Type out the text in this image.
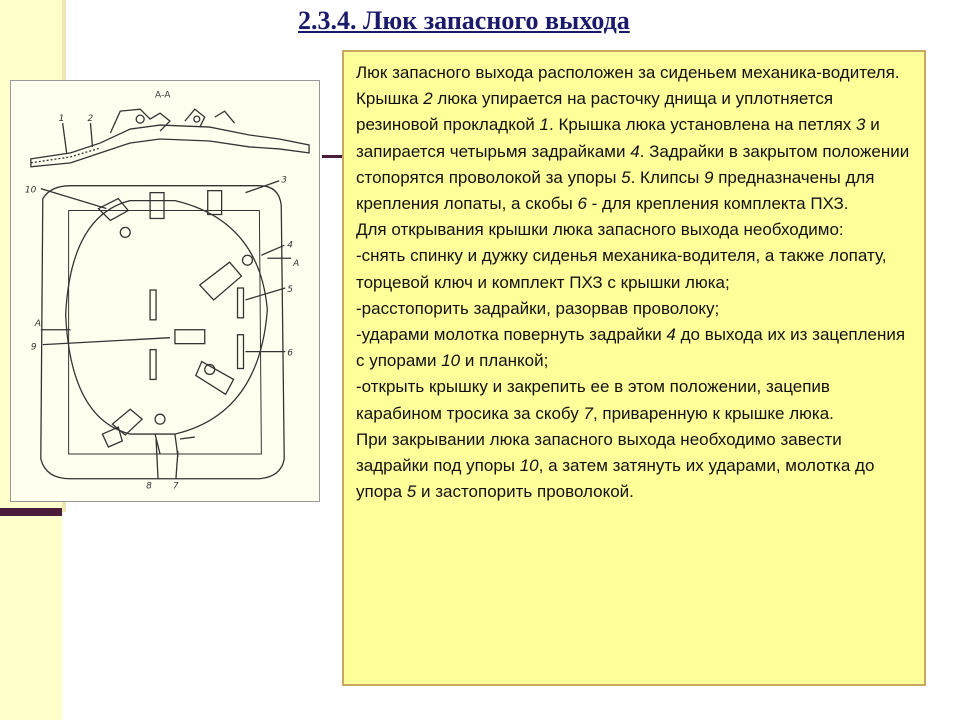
2.3.4. Люк запасного выхода
А-А
1	2
3
4
5
6
7
8
9
10
А
А

Люк запасного выхода расположен за сиденьем механика-водителя. Крышка 2 люка упирается на расточку днища и уплотняется резиновой прокладкой 1. Крышка люка установлена на петлях 3 и запирается четырьмя задрайками 4. Задрайки в закрытом положении стопорятся проволокой за упоры 5. Клипсы 9 предназначены для крепления лопаты, а скобы 6 - для крепления комплекта ПХЗ.

Для открывания крышки люка запасного выхода необходимо:

-снять спинку и дужку сиденья механика-водителя, а также лопату, торцевой ключ и комплект ПХЗ с крышки люка;

-расстопорить задрайки, разорвав проволоку;

-ударами молотка повернуть задрайки 4 до выхода их из зацепления с упорами 10 и планкой;

-открыть крышку и закрепить ее в этом положении, зацепив карабином тросика за скобу 7, приваренную к крышке люка.

При закрывании люка запасного выхода необходимо завести задрайки под упоры 10, а затем затянуть их ударами, молотка до упора 5 и застопорить проволокой.
